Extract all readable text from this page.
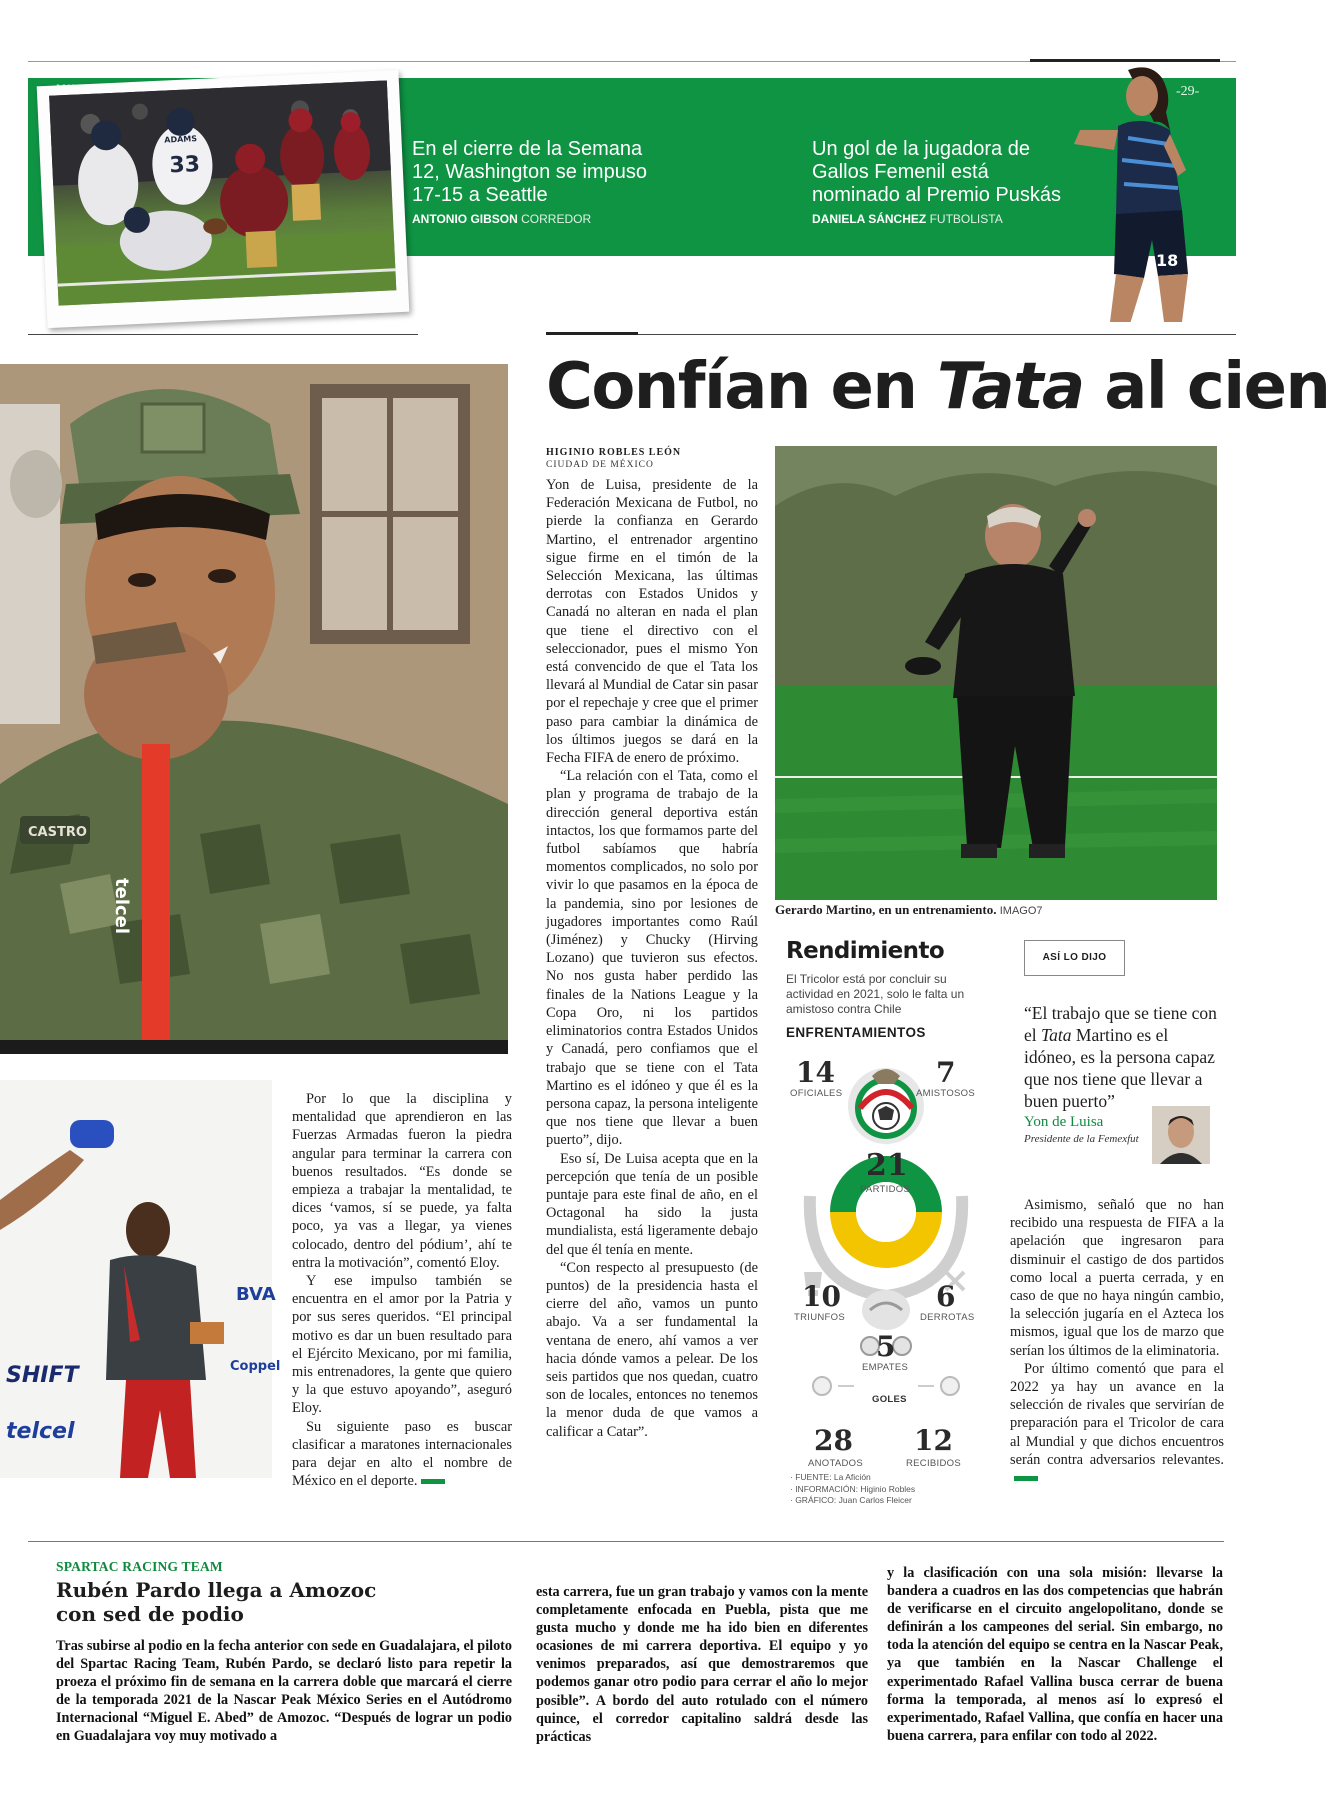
-29-
33
ADAMS	En el cierre de la Semana 12, Washington se impuso 17-15 a Seattle
ANTONIO GIBSON CORREDOR
Un gol de la jugadora de Gallos Femenil está nominado al Premio Puskás
DANIELA SÁNCHEZ FUTBOLISTA
18
CASTRO
telcel
SHIFT
telcel
BVA
Coppel
Confían en Tata al cien
HIGINIO ROBLES LEÓN
CIUDAD DE MÉXICO

Yon de Luisa, presidente de la Federación Mexicana de Futbol, no pierde la confianza en Gerardo Martino, el entrenador argentino sigue firme en el timón de la Selección Mexicana, las últimas derrotas con Estados Unidos y Canadá no alteran en nada el plan que tiene el directivo con el seleccionador, pues el mismo Yon está convencido de que el Tata los llevará al Mundial de Catar sin pasar por el repechaje y cree que el primer paso para cambiar la dinámica de los últimos juegos se dará en la Fecha FIFA de enero de próximo.

“La relación con el Tata, como el plan y programa de trabajo de la dirección general deportiva están intactos, los que formamos parte del futbol sabíamos que habría momentos complicados, no solo por vivir lo que pasamos en la época de la pandemia, sino por lesiones de jugadores importantes como Raúl (Jiménez) y Chucky (Hirving Lozano) que tuvieron sus efectos. No nos gusta haber perdido las finales de la Nations League y la Copa Oro, ni los partidos eliminatorios contra Estados Unidos y Canadá, pero confiamos que el trabajo que se tiene con el Tata Martino es el idóneo y que él es la persona capaz, la persona inteligente que nos tiene que llevar a buen puerto”, dijo.

Eso sí, De Luisa acepta que en la percepción que tenía de un posible puntaje para este final de año, en el Octagonal ha sido la justa mundialista, está ligeramente debajo del que él tenía en mente.

“Con respecto al presupuesto (de puntos) de la presidencia hasta el cierre del año, vamos un punto abajo. Va a ser fundamental la ventana de enero, ahí vamos a ver hacia dónde vamos a pelear. De los seis partidos que nos quedan, cuatro son de locales, entonces no tenemos la menor duda de que vamos a calificar a Catar”.

Gerardo Martino, en un entrenamiento. IMAGO7
Rendimiento
El Tricolor está por concluir su actividad en 2021, solo le falta un amistoso contra Chile
ENFRENTAMIENTOS
14
OFICIALES
7
AMISTOSOS
21
PARTIDOS
10
TRIUNFOS
6
DERROTAS
5
EMPATES
GOLES
28
ANOTADOS
12
RECIBIDOS
· FUENTE: La Afición
· INFORMACIÓN: Higinio Robles
· GRÁFICO: Juan Carlos Fleicer
ASÍ LO DIJO
“El trabajo que se tiene con el Tata Martino es el idóneo, es la persona capaz que nos tiene que llevar a buen puerto”
Yon de Luisa
Presidente de la Femexfut

Asimismo, señaló que no han recibido una respuesta de FIFA a la apelación que ingresaron para disminuir el castigo de dos partidos como local a puerta cerrada, y en caso de que no haya ningún cambio, la selección jugaría en el Azteca los mismos, igual que los de marzo que serían los últimos de la eliminatoria.

Por último comentó que para el 2022 ya hay un avance en la selección de rivales que servirían de preparación para el Tricolor de cara al Mundial y que dichos encuentros serán contra adversarios relevantes.

Por lo que la disciplina y mentalidad que aprendieron en las Fuerzas Armadas fueron la piedra angular para terminar la carrera con buenos resultados. “Es donde se empieza a trabajar la mentalidad, te dices ‘vamos, sí se puede, ya falta poco, ya vas a llegar, ya vienes colocado, dentro del pódium’, ahí te entra la motivación”, comentó Eloy.

Y ese impulso también se encuentra en el amor por la Patria y por sus seres queridos. “El principal motivo es dar un buen resultado para el Ejército Mexicano, por mi familia, mis entrenadores, la gente que quiero y la que estuvo apoyando”, aseguró Eloy.

Su siguiente paso es buscar clasificar a maratones internacionales para dejar en alto el nombre de México en el deporte.

SPARTAC RACING TEAM
Rubén Pardo llega a Amozoc con sed de podio

Tras subirse al podio en la fecha anterior con sede en Guadalajara, el piloto del Spartac Racing Team, Rubén Pardo, se declaró listo para repetir la proeza el próximo fin de semana en la carrera doble que marcará el cierre de la temporada 2021 de la Nascar Peak México Series en el Autódromo Internacional “Miguel E. Abed” de Amozoc. “Después de lograr un podio en Guadalajara voy muy motivado a

esta carrera, fue un gran trabajo y vamos con la mente completamente enfocada en Puebla, pista que me gusta mucho y donde me ha ido bien en diferentes ocasiones de mi carrera deportiva. El equipo y yo venimos preparados, así que demostraremos que podemos ganar otro podio para cerrar el año lo mejor posible”. A bordo del auto rotulado con el número quince, el corredor capitalino saldrá desde las prácticas

y la clasificación con una sola misión: llevarse la bandera a cuadros en las dos competencias que habrán de verificarse en el circuito angelopolitano, donde se definirán a los campeones del serial. Sin embargo, no toda la atención del equipo se centra en la Nascar Peak, ya que también en la Nascar Challenge el experimentado Rafael Vallina busca cerrar de buena forma la temporada, al menos así lo expresó el experimentado, Rafael Vallina, que confía en hacer una buena carrera, para enfilar con todo al 2022.
